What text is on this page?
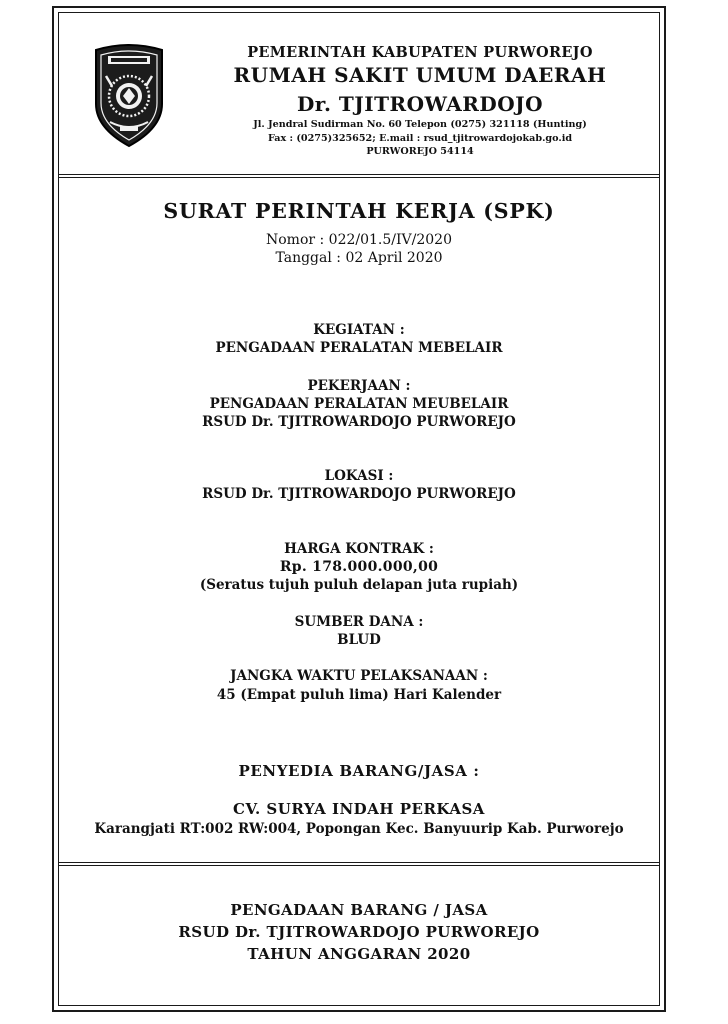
PEMERINTAH KABUPATEN PURWOREJO
RUMAH SAKIT UMUM DAERAH
Dr. TJITROWARDOJO
Jl. Jendral Sudirman No. 60 Telepon (0275) 321118 (Hunting)
Fax : (0275)325652; E.mail : rsud_tjitrowardojokab.go.id
PURWOREJO 54114
SURAT PERINTAH KERJA (SPK)
Nomor : 022/01.5/IV/2020
Tanggal : 02 April 2020
KEGIATAN :
PENGADAAN PERALATAN MEBELAIR
PEKERJAAN :
PENGADAAN PERALATAN MEUBELAIR
RSUD Dr. TJITROWARDOJO PURWOREJO
LOKASI :
RSUD Dr. TJITROWARDOJO PURWOREJO
HARGA KONTRAK :
Rp. 178.000.000,00
(Seratus tujuh puluh delapan juta rupiah)
SUMBER DANA :
BLUD
JANGKA WAKTU PELAKSANAAN :
45 (Empat puluh lima) Hari Kalender
PENYEDIA BARANG/JASA :
CV. SURYA INDAH PERKASA
Karangjati RT:002 RW:004, Popongan Kec. Banyuurip Kab. Purworejo
PENGADAAN BARANG / JASA
RSUD Dr. TJITROWARDOJO PURWOREJO
TAHUN ANGGARAN 2020
